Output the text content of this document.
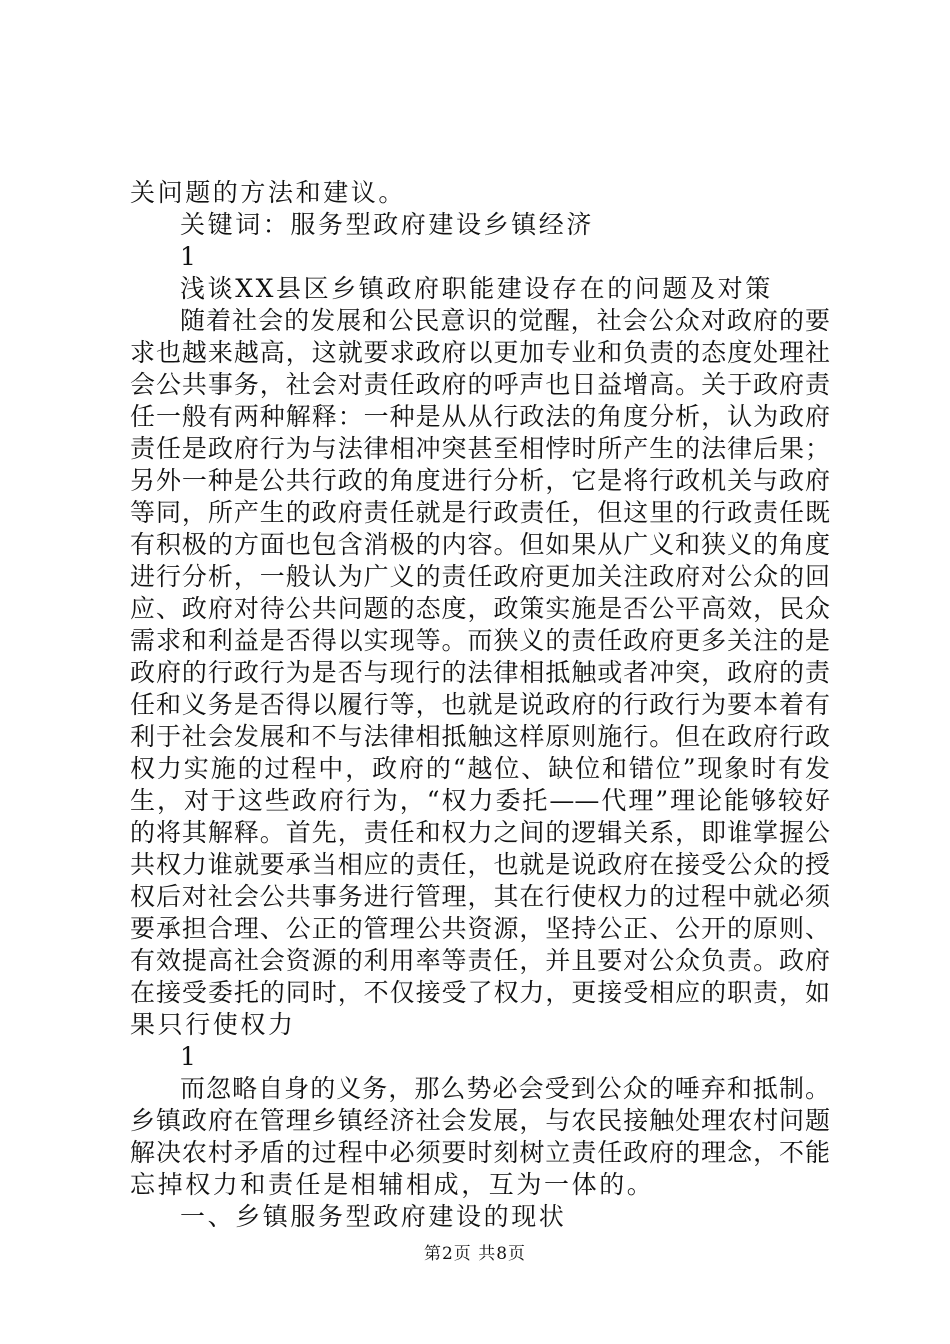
关问题的方法和建议。
关键词：服务型政府建设乡镇经济
1
浅谈XX县区乡镇政府职能建设存在的问题及对策
随着社会的发展和公民意识的觉醒，社会公众对政府的要
求也越来越高，这就要求政府以更加专业和负责的态度处理社
会公共事务，社会对责任政府的呼声也日益增高。关于政府责
任一般有两种解释：一种是从从行政法的角度分析，认为政府
责任是政府行为与法律相冲突甚至相悖时所产生的法律后果；
另外一种是公共行政的角度进行分析，它是将行政机关与政府
等同，所产生的政府责任就是行政责任，但这里的行政责任既
有积极的方面也包含消极的内容。但如果从广义和狭义的角度
进行分析，一般认为广义的责任政府更加关注政府对公众的回
应、政府对待公共问题的态度，政策实施是否公平高效，民众
需求和利益是否得以实现等。而狭义的责任政府更多关注的是
政府的行政行为是否与现行的法律相抵触或者冲突，政府的责
任和义务是否得以履行等，也就是说政府的行政行为要本着有
利于社会发展和不与法律相抵触这样原则施行。但在政府行政
权力实施的过程中，政府的“越位、缺位和错位”现象时有发
生，对于这些政府行为，“权力委托——代理”理论能够较好
的将其解释。首先，责任和权力之间的逻辑关系，即谁掌握公
共权力谁就要承当相应的责任，也就是说政府在接受公众的授
权后对社会公共事务进行管理，其在行使权力的过程中就必须
要承担合理、公正的管理公共资源，坚持公正、公开的原则、
有效提高社会资源的利用率等责任，并且要对公众负责。政府
在接受委托的同时，不仅接受了权力，更接受相应的职责，如
果只行使权力
1
而忽略自身的义务，那么势必会受到公众的唾弃和抵制。
乡镇政府在管理乡镇经济社会发展，与农民接触处理农村问题
解决农村矛盾的过程中必须要时刻树立责任政府的理念，不能
忘掉权力和责任是相辅相成，互为一体的。
一、乡镇服务型政府建设的现状
第2页 共8页
